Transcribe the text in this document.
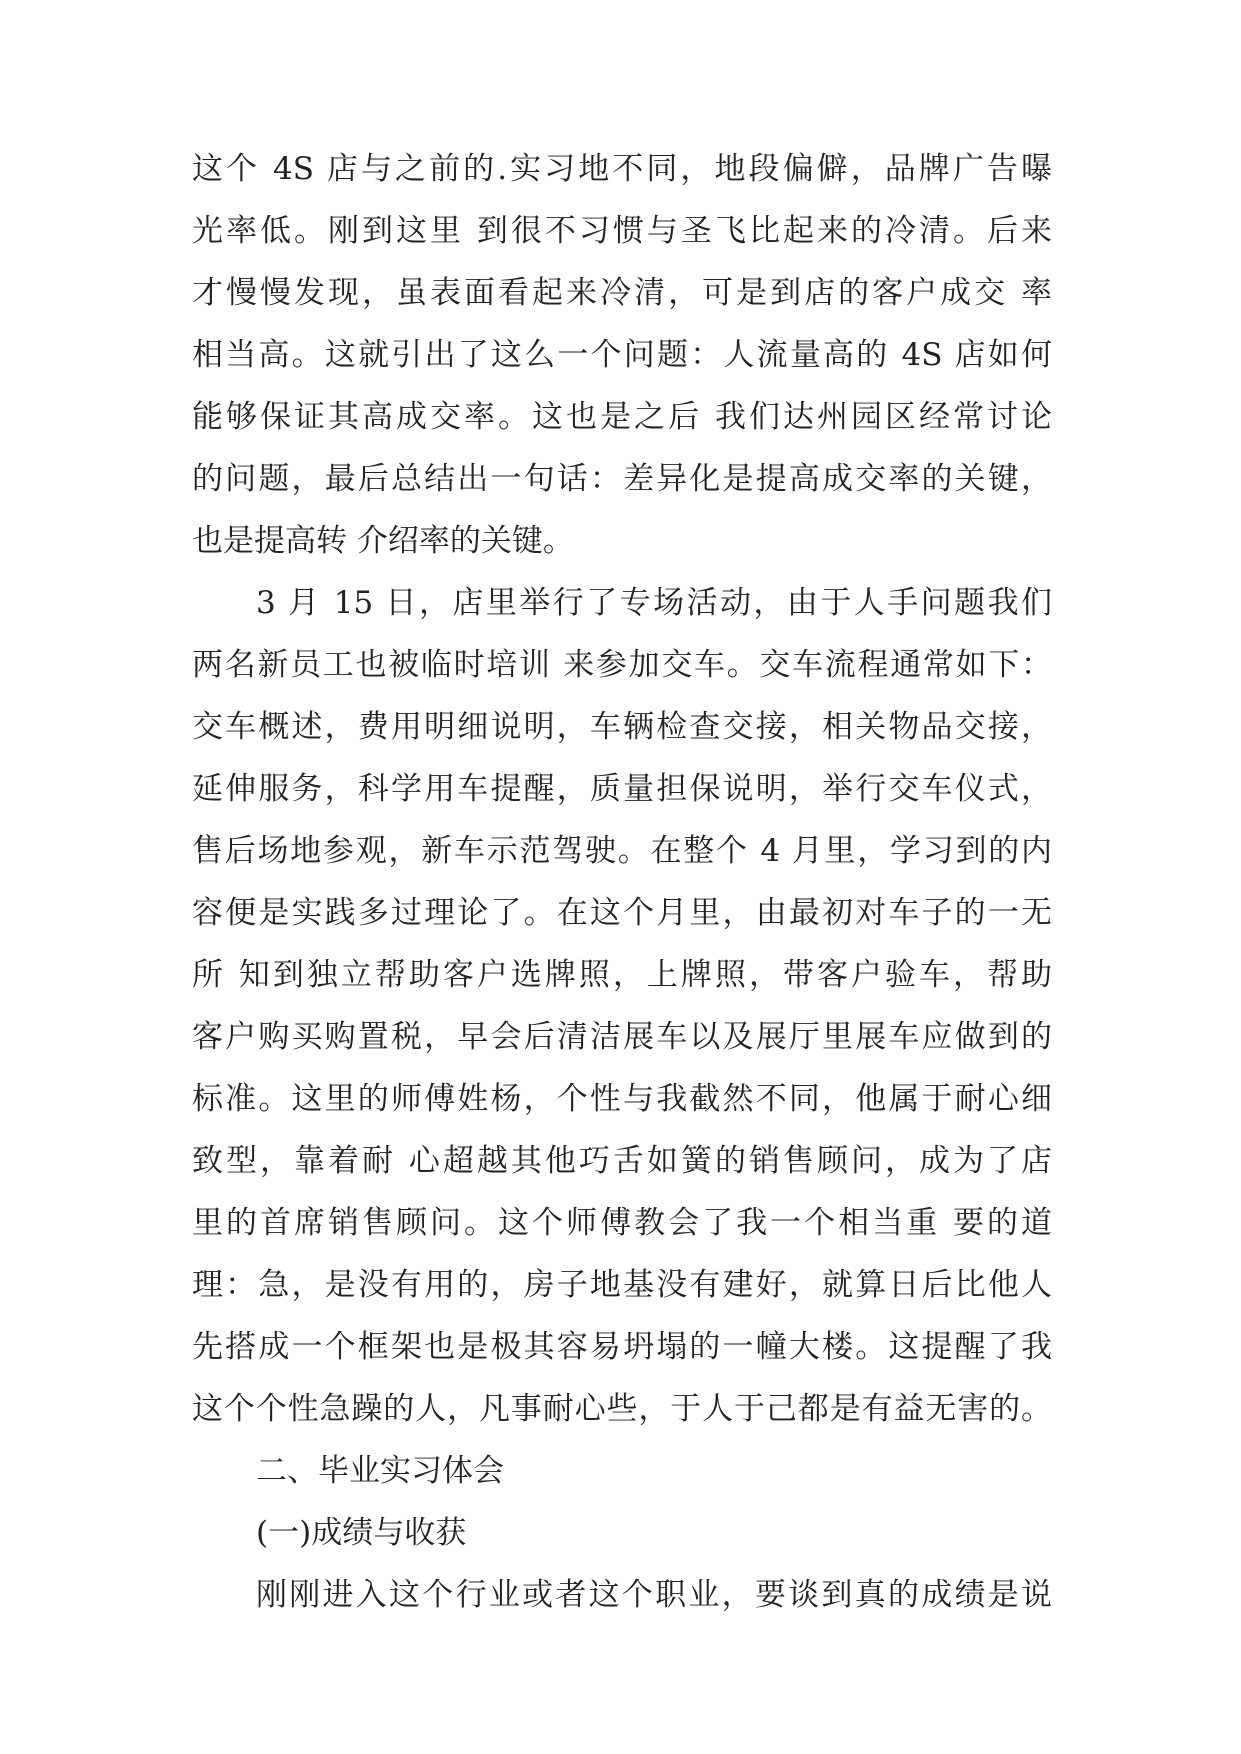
这个 4S 店与之前的.实习地不同，地段偏僻，品牌广告曝
光率低。刚到这里 到很不习惯与圣飞比起来的冷清。后来
才慢慢发现，虽表面看起来冷清，可是到店的客户成交 率
相当高。这就引出了这么一个问题：人流量高的 4S 店如何
能够保证其高成交率。这也是之后 我们达州园区经常讨论
的问题，最后总结出一句话：差异化是提高成交率的关键，
也是提高转 介绍率的关键。
3 月 15 日，店里举行了专场活动，由于人手问题我们
两名新员工也被临时培训 来参加交车。交车流程通常如下：
交车概述，费用明细说明，车辆检查交接，相关物品交接，
延伸服务，科学用车提醒，质量担保说明，举行交车仪式，
售后场地参观，新车示范驾驶。在整个 4 月里，学习到的内
容便是实践多过理论了。在这个月里，由最初对车子的一无
所 知到独立帮助客户选牌照，上牌照，带客户验车，帮助
客户购买购置税，早会后清洁展车以及展厅里展车应做到的
标准。这里的师傅姓杨，个性与我截然不同，他属于耐心细
致型，靠着耐 心超越其他巧舌如簧的销售顾问，成为了店
里的首席销售顾问。这个师傅教会了我一个相当重 要的道
理：急，是没有用的，房子地基没有建好，就算日后比他人
先搭成一个框架也是极其容易坍塌的一幢大楼。这提醒了我
这个个性急躁的人，凡事耐心些，于人于己都是有益无害的。
二、毕业实习体会
(一)成绩与收获
刚刚进入这个行业或者这个职业，要谈到真的成绩是说
